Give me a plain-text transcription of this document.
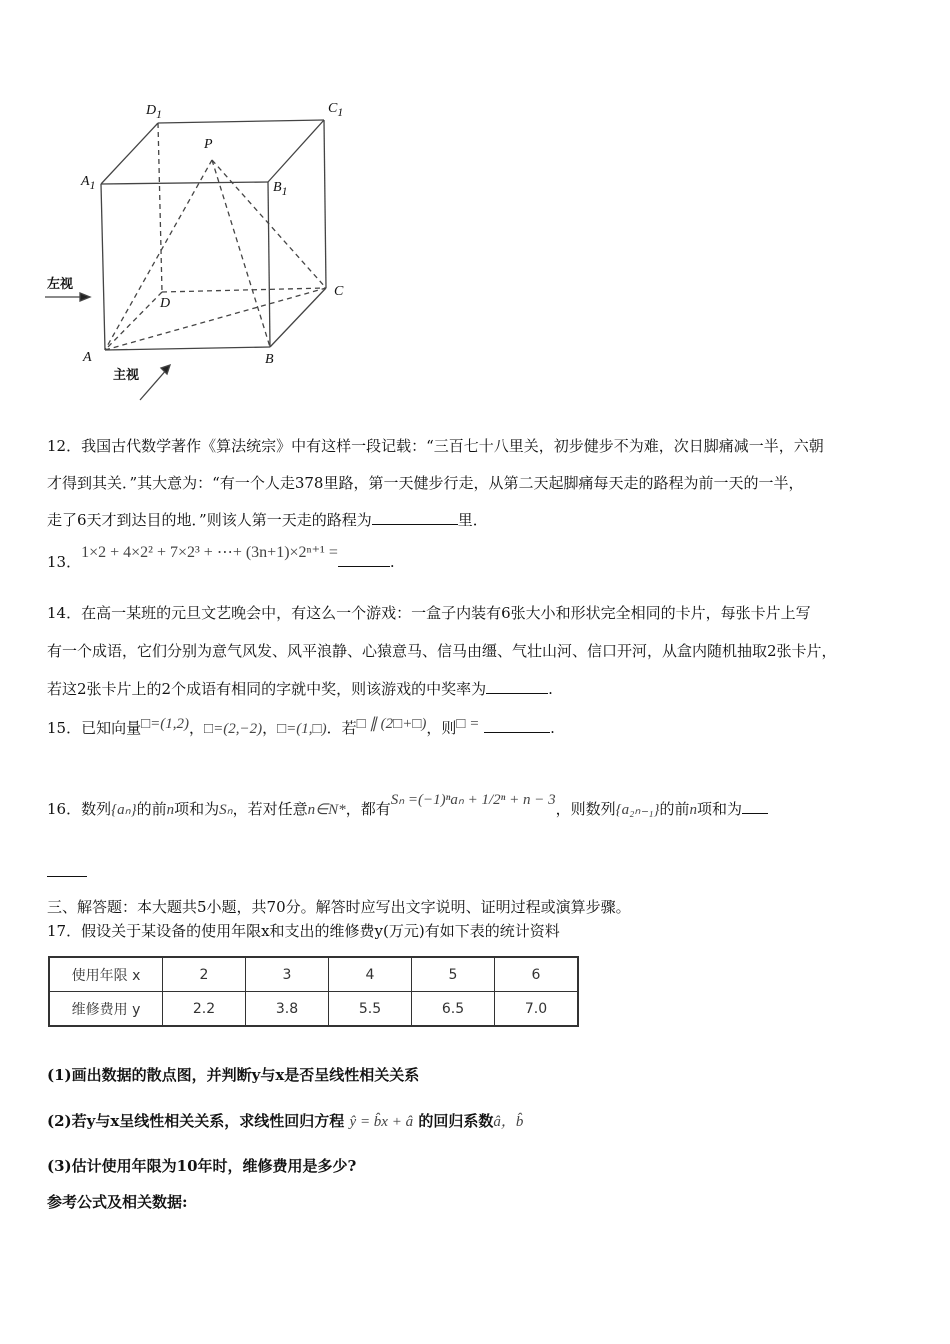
$D_1$	$C_1$
$A_1$	$B_1$
P
D
C
A	B
左视
主视
12．我国古代数学著作《算法统宗》中有这样一段记载：“三百七十八里关，初步健步不为难，次日脚痛减一半，六朝
才得到其关．”其大意为：“有一个人走378里路，第一天健步行走，从第二天起脚痛每天走的路程为前一天的一半，
走了6天才到达目的地．”则该人第一天走的路程为	里．
13．1×2 + 4×2² + 7×2³ + ⋯+ (3n+1)×2ⁿ⁺¹ =.
14．在高一某班的元旦文艺晚会中，有这么一个游戏：一盒子内装有6张大小和形状完全相同的卡片，每张卡片上写
有一个成语，它们分别为意气风发、风平浪静、心猿意马、信马由缰、气壮山河、信口开河，从盒内随机抽取2张卡片，
若这2张卡片上的2个成语有相同的字就中奖，则该游戏的中奖率为	.
15．已知向量□=(1,2)，□=(2,−2)，□=(1,□)．若□ ∥ (2□+□)，则□ =	.
16．数列{aₙ}的前n项和为Sₙ，若对任意n∈N*，都有Sₙ =(−1)ⁿaₙ + 1/2ⁿ + n − 3，则数列{a₂ₙ₋₁}的前n项和为
三、解答题：本大题共5小题，共70分。解答时应写出文字说明、证明过程或演算步骤。
17．假设关于某设备的使用年限x和支出的维修费y(万元)有如下表的统计资料
使用年限 x	2	3	4	5	6
维修费用 y	2.2	3.8	5.5	6.5	7.0
(1)画出数据的散点图，并判断y与x是否呈线性相关关系
(2)若y与x呈线性相关关系，求线性回归方程 ŷ = b̂x + â 的回归系数â，b̂
(3)估计使用年限为10年时，维修费用是多少?
参考公式及相关数据:
